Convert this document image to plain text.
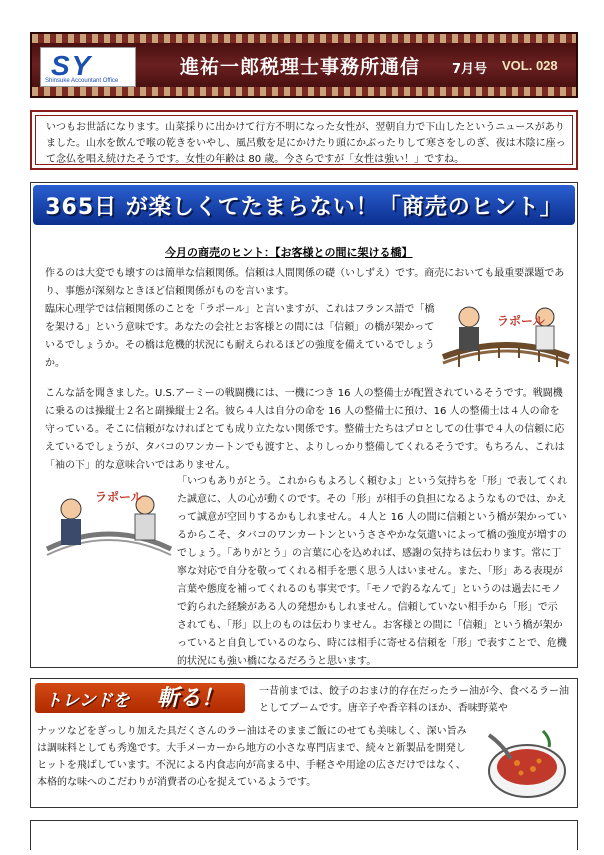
SY
Shinsuke Accountant Office
進祐一郎税理士事務所通信 7月号 VOL. 028

いつもお世話になります。山菜採りに出かけて行方不明になった女性が、翌朝自力で下山したというニュースがありました。山水を飲んで喉の乾きをいやし、風呂敷を足にかけたり頭にかぶったりして寒さをしのぎ、夜は木陰に座って念仏を唱え続けたそうです。女性の年齢は 80 歳。今さらですが「女性は強い！」ですね。

365日 が楽しくてたまらない！「商売のヒント」
今月の商売のヒント：【お客様との間に架ける橋】

作るのは大変でも壊すのは簡単な信頼関係。信頼は人間関係の礎（いしずえ）です。商売においても最重要課題であり、事態が深刻なときほど信頼関係がものを言います。

臨床心理学では信頼関係のことを「ラポール」と言いますが、これはフランス語で「橋を架ける」という意味です。あなたの会社とお客様との間には「信頼」の橋が架かっているでしょうか。その橋は危機的状況にも耐えられるほどの強度を備えているでしょうか。

ラポール

こんな話を聞きました。U.S.アーミーの戦闘機には、一機につき 16 人の整備士が配置されているそうです。戦闘機に乗るのは操縦士２名と副操縦士２名。彼ら４人は自分の命を 16 人の整備士に預け、16 人の整備士は４人の命を守っている。そこに信頼がなければとても成り立たない関係です。整備士たちはプロとしての仕事で４人の信頼に応えているでしょうが、タバコのワンカートンでも渡すと、よりしっかり整備してくれるそうです。もちろん、これは「袖の下」的な意味合いではありません。

ラポール

「いつもありがとう。これからもよろしく頼むよ」という気持ちを「形」で表してくれた誠意に、人の心が動くのです。その「形」が相手の負担になるようなものでは、かえって誠意が空回りするかもしれません。４人と 16 人の間に信頼という橋が架かっているからこそ、タバコのワンカートンというささやかな気遣いによって橋の強度が増すのでしょう。「ありがとう」の言葉に心を込めれば、感謝の気持ちは伝わります。常に丁寧な対応で自分を敬ってくれる相手を悪く思う人はいません。また、「形」ある表現が言葉や態度を補ってくれるのも事実です。「モノで釣るなんて」というのは過去にモノで釣られた経験がある人の発想かもしれません。信頼していない相手から「形」で示されても、「形」以上のものは伝わりません。お客様との間に「信頼」という橋が架かっていると自負しているのなら、時には相手に寄せる信頼を「形」で表すことで、危機的状況にも強い橋になるだろうと思います。

トレンドを 斬る！	一昔前までは、餃子のおまけ的存在だったラー油が今、食べるラー油としてブームです。唐辛子や香辛料のほか、香味野菜や

ナッツなどをぎっしり加えた具だくさんのラー油はそのままご飯にのせても美味しく、深い旨み は調味料としても秀逸です。大手メーカーから地方の小さな専門店まで、続々と新製品を開発しヒットを飛ばしています。不況による内食志向が高まる中、手軽さや用途の広さだけではなく、本格的な味へのこだわりが消費者の心を捉えているようです。
